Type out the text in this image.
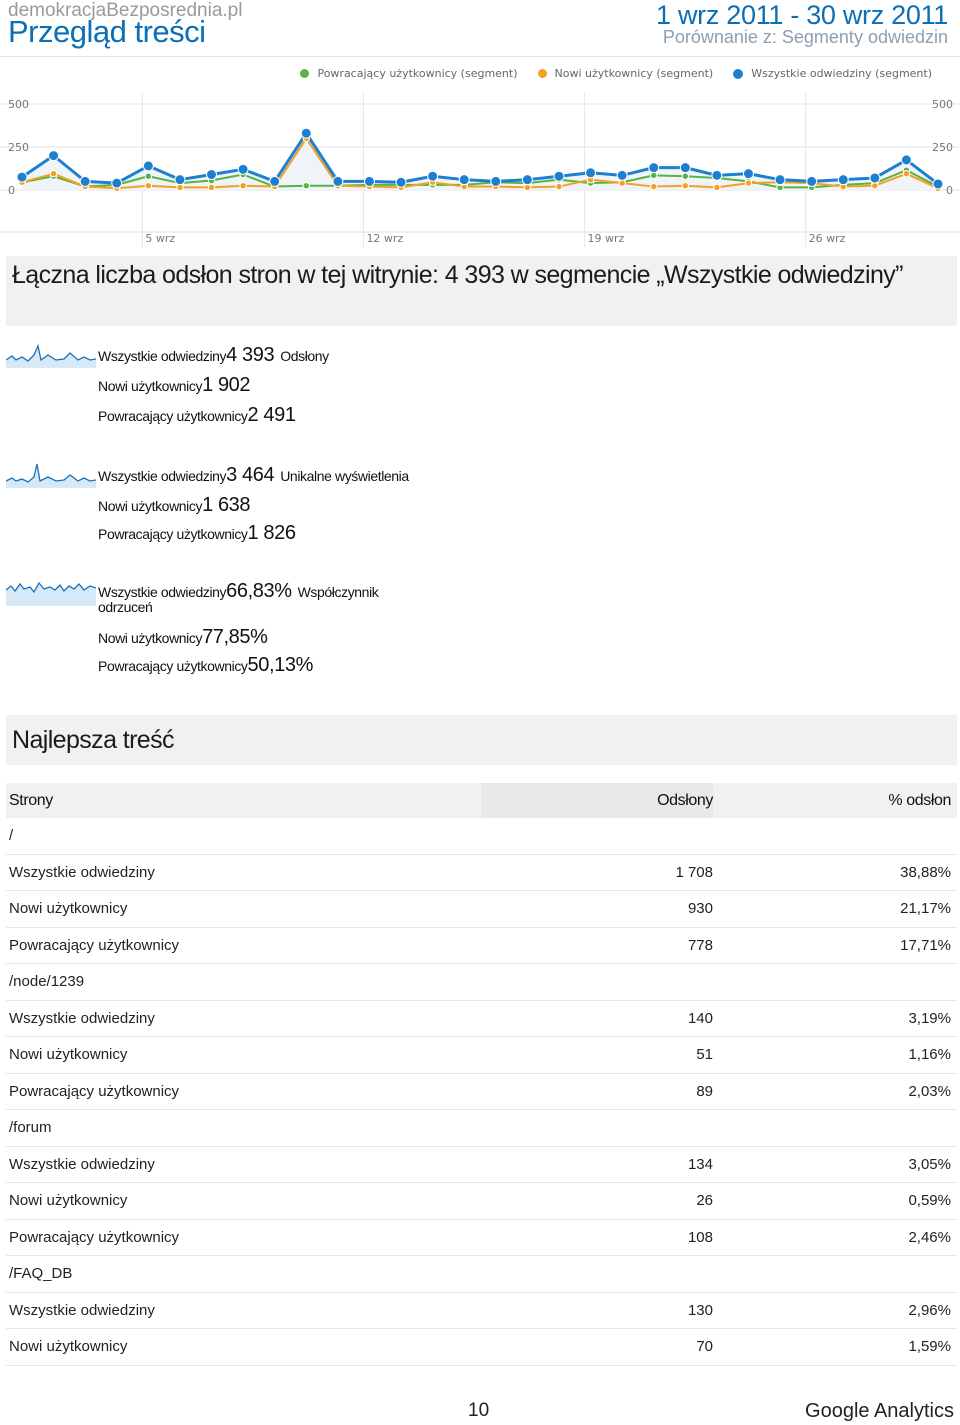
demokracjaBezposrednia.pl
Przegląd treści	1 wrz 2011 - 30 wrz 2011
Porównanie z: Segmenty odwiedzin
Powracający użytkownicy (segment)	Nowi użytkownicy (segment)	Wszystkie odwiedziny (segment)
500	500
250	250
0	0
5 wrz	12 wrz	19 wrz	26 wrz
Łączna liczba odsłon stron w tej witrynie: 4 393 w segmencie „Wszystkie odwiedziny”
Wszystkie odwiedziny4 393 Odsłony
Nowi użytkownicy1 902
Powracający użytkownicy2 491
Wszystkie odwiedziny3 464 Unikalne wyświetlenia
Nowi użytkownicy1 638
Powracający użytkownicy1 826
Wszystkie odwiedziny66,83% Współczynnik odrzuceń
Nowi użytkownicy77,85%
Powracający użytkownicy50,13%
Najlepsza treść
Strony	Odsłony	% odsłon
/
Wszystkie odwiedziny	1 708	38,88%
Nowi użytkownicy	930	21,17%
Powracający użytkownicy	778	17,71%
/node/1239
Wszystkie odwiedziny	140	3,19%
Nowi użytkownicy	51	1,16%
Powracający użytkownicy	89	2,03%
/forum
Wszystkie odwiedziny	134	3,05%
Nowi użytkownicy	26	0,59%
Powracający użytkownicy	108	2,46%
/FAQ_DB
Wszystkie odwiedziny	130	2,96%
Nowi użytkownicy	70	1,59%
10	Google Analytics
